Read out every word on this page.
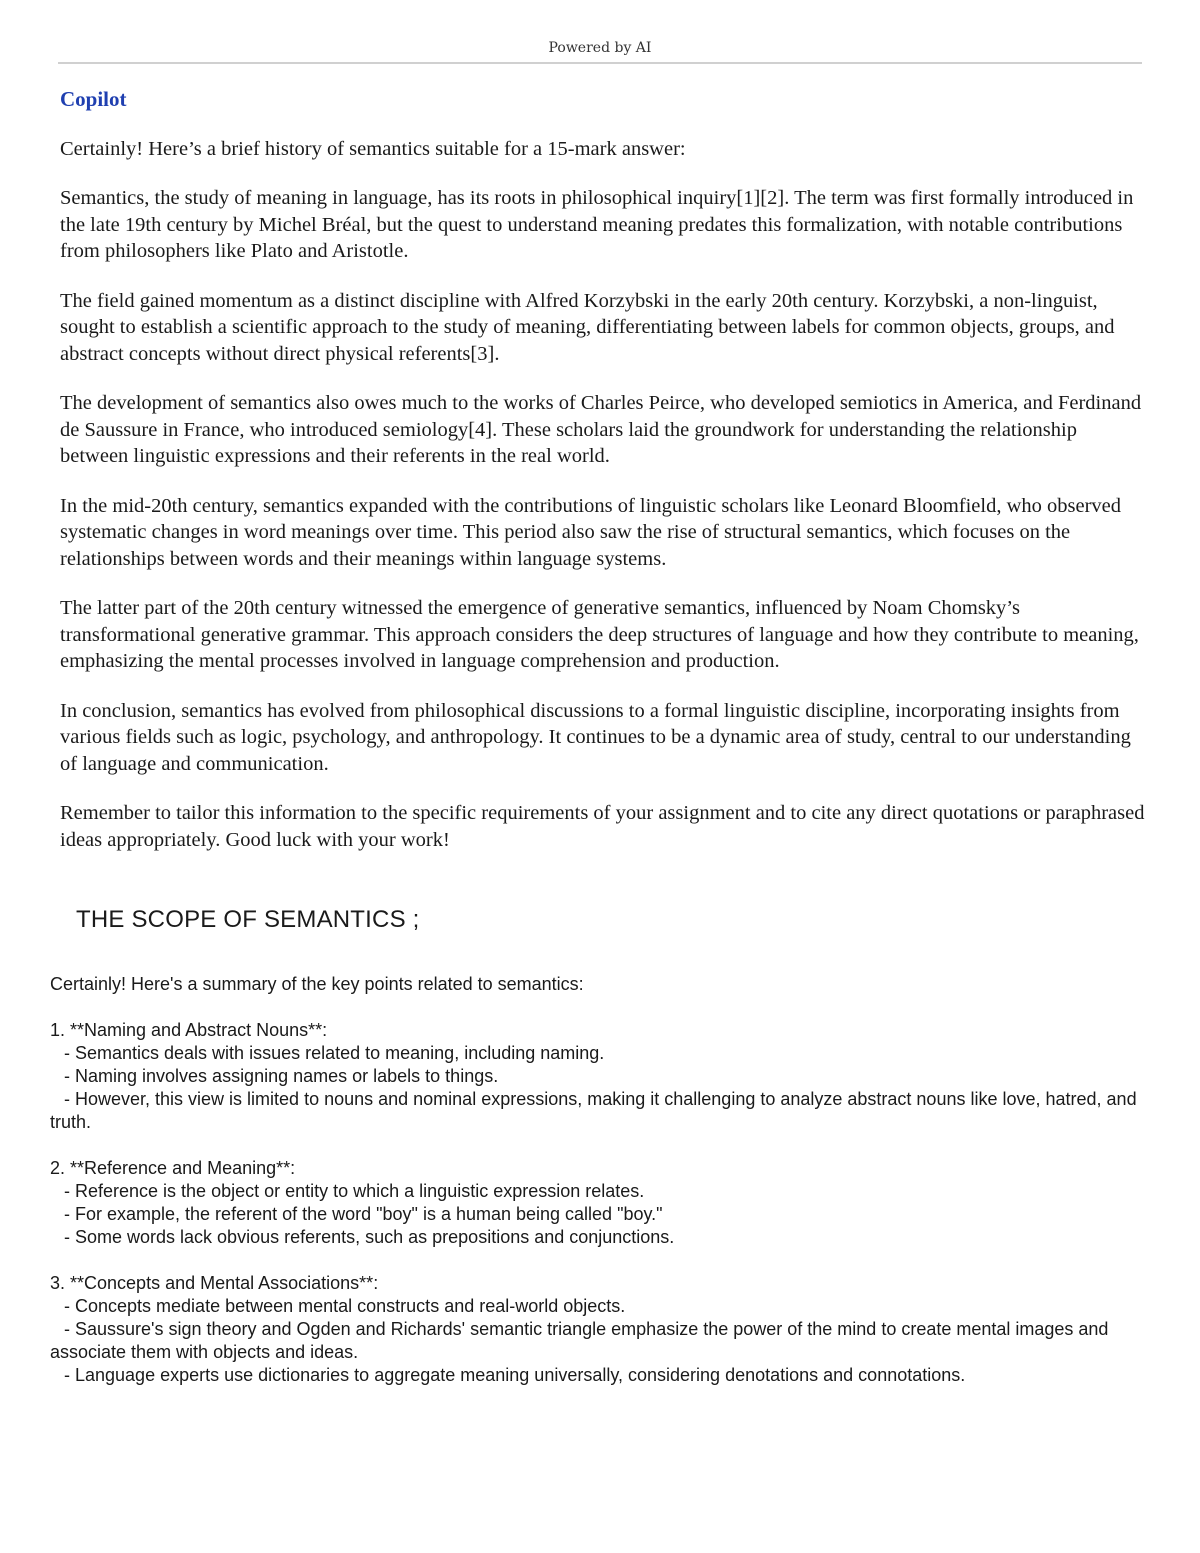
Powered by AI

Copilot

Certainly! Here’s a brief history of semantics suitable for a 15-mark answer:

Semantics, the study of meaning in language, has its roots in philosophical inquiry[1][2]. The term was first formally introduced in the late 19th century by Michel Bréal, but the quest to understand meaning predates this formalization, with notable contributions from philosophers like Plato and Aristotle.

The field gained momentum as a distinct discipline with Alfred Korzybski in the early 20th century. Korzybski, a non-linguist, sought to establish a scientific approach to the study of meaning, differentiating between labels for common objects, groups, and abstract concepts without direct physical referents[3].

The development of semantics also owes much to the works of Charles Peirce, who developed semiotics in America, and Ferdinand de Saussure in France, who introduced semiology[4]. These scholars laid the groundwork for understanding the relationship between linguistic expressions and their referents in the real world.

In the mid-20th century, semantics expanded with the contributions of linguistic scholars like Leonard Bloomfield, who observed systematic changes in word meanings over time. This period also saw the rise of structural semantics, which focuses on the relationships between words and their meanings within language systems.

The latter part of the 20th century witnessed the emergence of generative semantics, influenced by Noam Chomsky’s transformational generative grammar. This approach considers the deep structures of language and how they contribute to meaning, emphasizing the mental processes involved in language comprehension and production.

In conclusion, semantics has evolved from philosophical discussions to a formal linguistic discipline, incorporating insights from various fields such as logic, psychology, and anthropology. It continues to be a dynamic area of study, central to our understanding of language and communication.

Remember to tailor this information to the specific requirements of your assignment and to cite any direct quotations or paraphrased ideas appropriately. Good luck with your work!

THE SCOPE OF SEMANTICS ;

Certainly! Here's a summary of the key points related to semantics:

1. **Naming and Abstract Nouns**:

- Semantics deals with issues related to meaning, including naming.

- Naming involves assigning names or labels to things.

- However, this view is limited to nouns and nominal expressions, making it challenging to analyze abstract nouns like love, hatred, and truth.

2. **Reference and Meaning**:

- Reference is the object or entity to which a linguistic expression relates.

- For example, the referent of the word "boy" is a human being called "boy."

- Some words lack obvious referents, such as prepositions and conjunctions.

3. **Concepts and Mental Associations**:

- Concepts mediate between mental constructs and real-world objects.

- Saussure's sign theory and Ogden and Richards' semantic triangle emphasize the power of the mind to create mental images and associate them with objects and ideas.

- Language experts use dictionaries to aggregate meaning universally, considering denotations and connotations.
